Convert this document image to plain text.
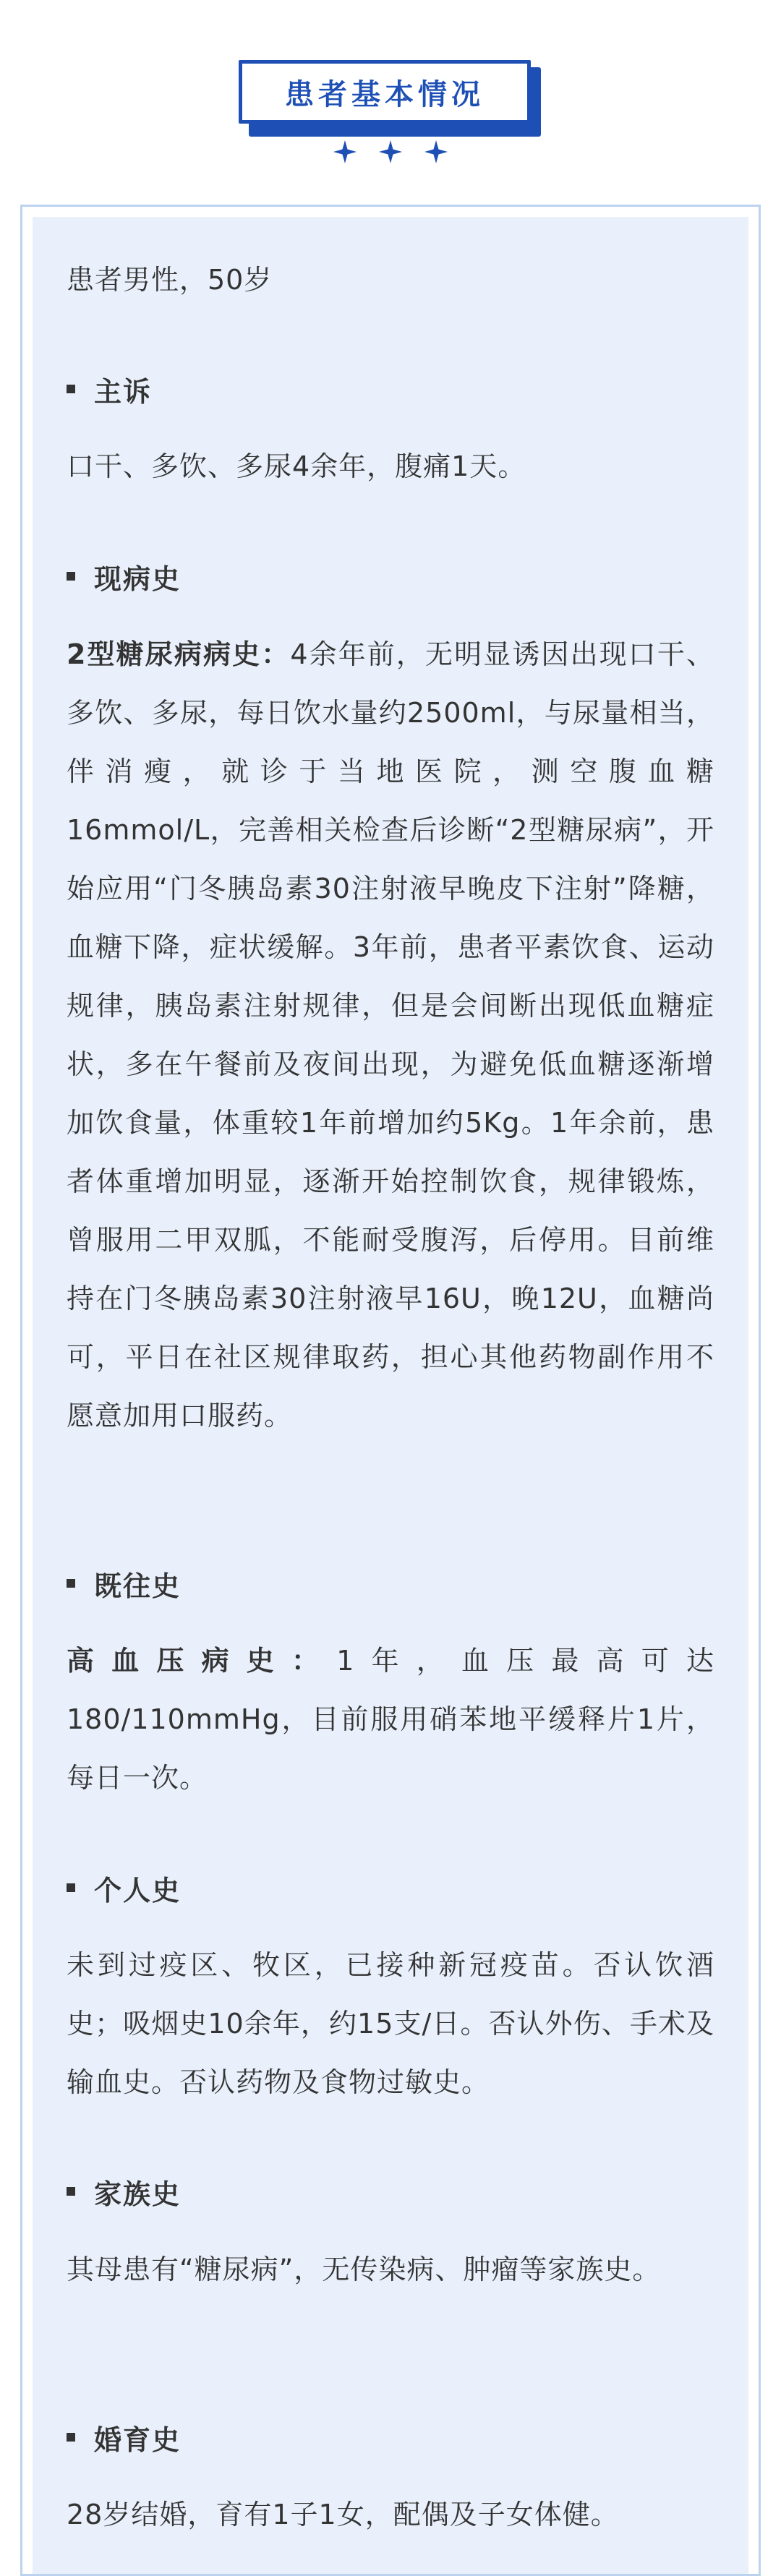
患者基本情况

患者男性，50岁

主诉

口干、多饮、多尿4余年，腹痛1天。

现病史

2型糖尿病病史：4余年前，无明显诱因出现口干、多饮、多尿，每日饮水量约2500ml，与尿量相当，伴消瘦，就诊于当地医院，测空腹血糖16mmol/L，完善相关检查后诊断“2型糖尿病”，开始应用“门冬胰岛素30注射液早晚皮下注射”降糖，血糖下降，症状缓解。3年前，患者平素饮食、运动规律，胰岛素注射规律，但是会间断出现低血糖症状，多在午餐前及夜间出现，为避免低血糖逐渐增加饮食量，体重较1年前增加约5Kg。1年余前，患者体重增加明显，逐渐开始控制饮食，规律锻炼，曾服用二甲双胍，不能耐受腹泻，后停用。目前维持在门冬胰岛素30注射液早16U，晚12U，血糖尚可，平日在社区规律取药，担心其他药物副作用不愿意加用口服药。

既往史

高血压病史：1年，血压最高可达180/110mmHg，目前服用硝苯地平缓释片1片，每日一次。

个人史

未到过疫区、牧区，已接种新冠疫苗。否认饮酒史；吸烟史10余年，约15支/日。否认外伤、手术及输血史。否认药物及食物过敏史。

家族史

其母患有“糖尿病”，无传染病、肿瘤等家族史。

婚育史

28岁结婚，育有1子1女，配偶及子女体健。
